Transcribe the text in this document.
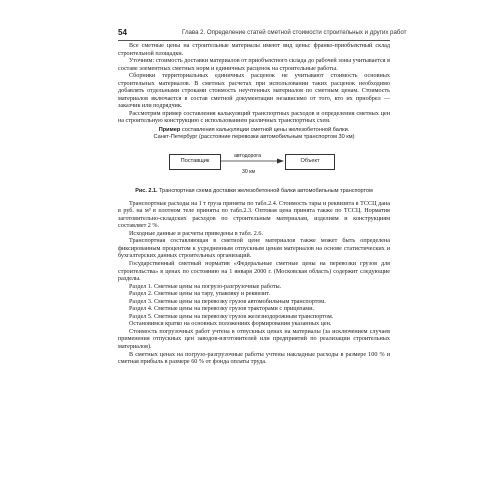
54	Глава 2. Определение статей сметной стоимости строительных и других работ

Все сметные цены на строительные материалы имеют вид цены: франко-приобъектный склад строительной площадки.

Уточним: стоимость доставки материалов от приобъектного склада до рабочей зоны учитывается в составе элементных сметных норм и единичных расценок на строительные работы.

Сборники территориальных единичных расценок не учитывают стоимость основных строительных материалов. В сметных расчетах при использовании таких расценок необходимо добавлять отдельными строками стоимость неучтенных материалов по сметным ценам. Стоимость материалов включается в состав сметной документации независимо от того, кто их приобрел — заказчик или подрядчик.

Рассмотрим пример составления калькуляций транспортных расходов и определения сметных цен на строительную конструкцию с использованием различных транспортных схем.

Пример составления калькуляции сметной цены железобетонной балки.
Санкт-Петербург (расстояние перевозки автомобильным транспортом 30 км)
Поставщик
автодорога
30 км
Объект
Рис. 2.1. Транспортная схема доставки железобетонной балки автомобильным транспортом

Транспортные расходы на 1 т груза приняты по табл.2.4. Стоимость тары и реквизита в ТССЦ дана в руб. на м³ в плотном теле приняты по табл.2.3. Оптовая цена принята также по ТССЦ. Норматив заготовительно-складских расходов по строительным материалам, изделиям и конструкциям составляет 2 %.

Исходные данные и расчеты приведены в табл. 2.6.

Транспортная составляющая в сметной цене материалов также может быть определена фиксированным процентом к усредненным отпускным ценам материалов на основе статистических и бухгалтерских данных строительных организаций.

Государственный сметный норматив «Федеральные сметные цены на перевозки грузов для строительства» в ценах по состоянию на 1 января 2000 г. (Московская область) содержит следующие разделы.

Раздел 1. Сметные цены на погрузо-разгрузочные работы.

Раздел 2. Сметные цены на тару, упаковку и реквизит.

Раздел 3. Сметные цены на перевозку грузов автомобильным транспортом.

Раздел 4. Сметные цены на перевозку грузов тракторами с прицепами.

Раздел 5. Сметные цены на перевозку грузов железнодорожным транспортом.

Остановимся кратко на основных положениях формирования указанных цен.

Стоимость погрузочных работ учтена в отпускных ценах на материалы (за исключением случаев применения отпускных цен заводов-изготовителей или предприятий по реализации строительных материалов).

В сметных ценах на погрузо-разгрузочные работы учтены накладные расходы в размере 100 % и сметная прибыль в размере 60 % от фонда оплаты труда.
